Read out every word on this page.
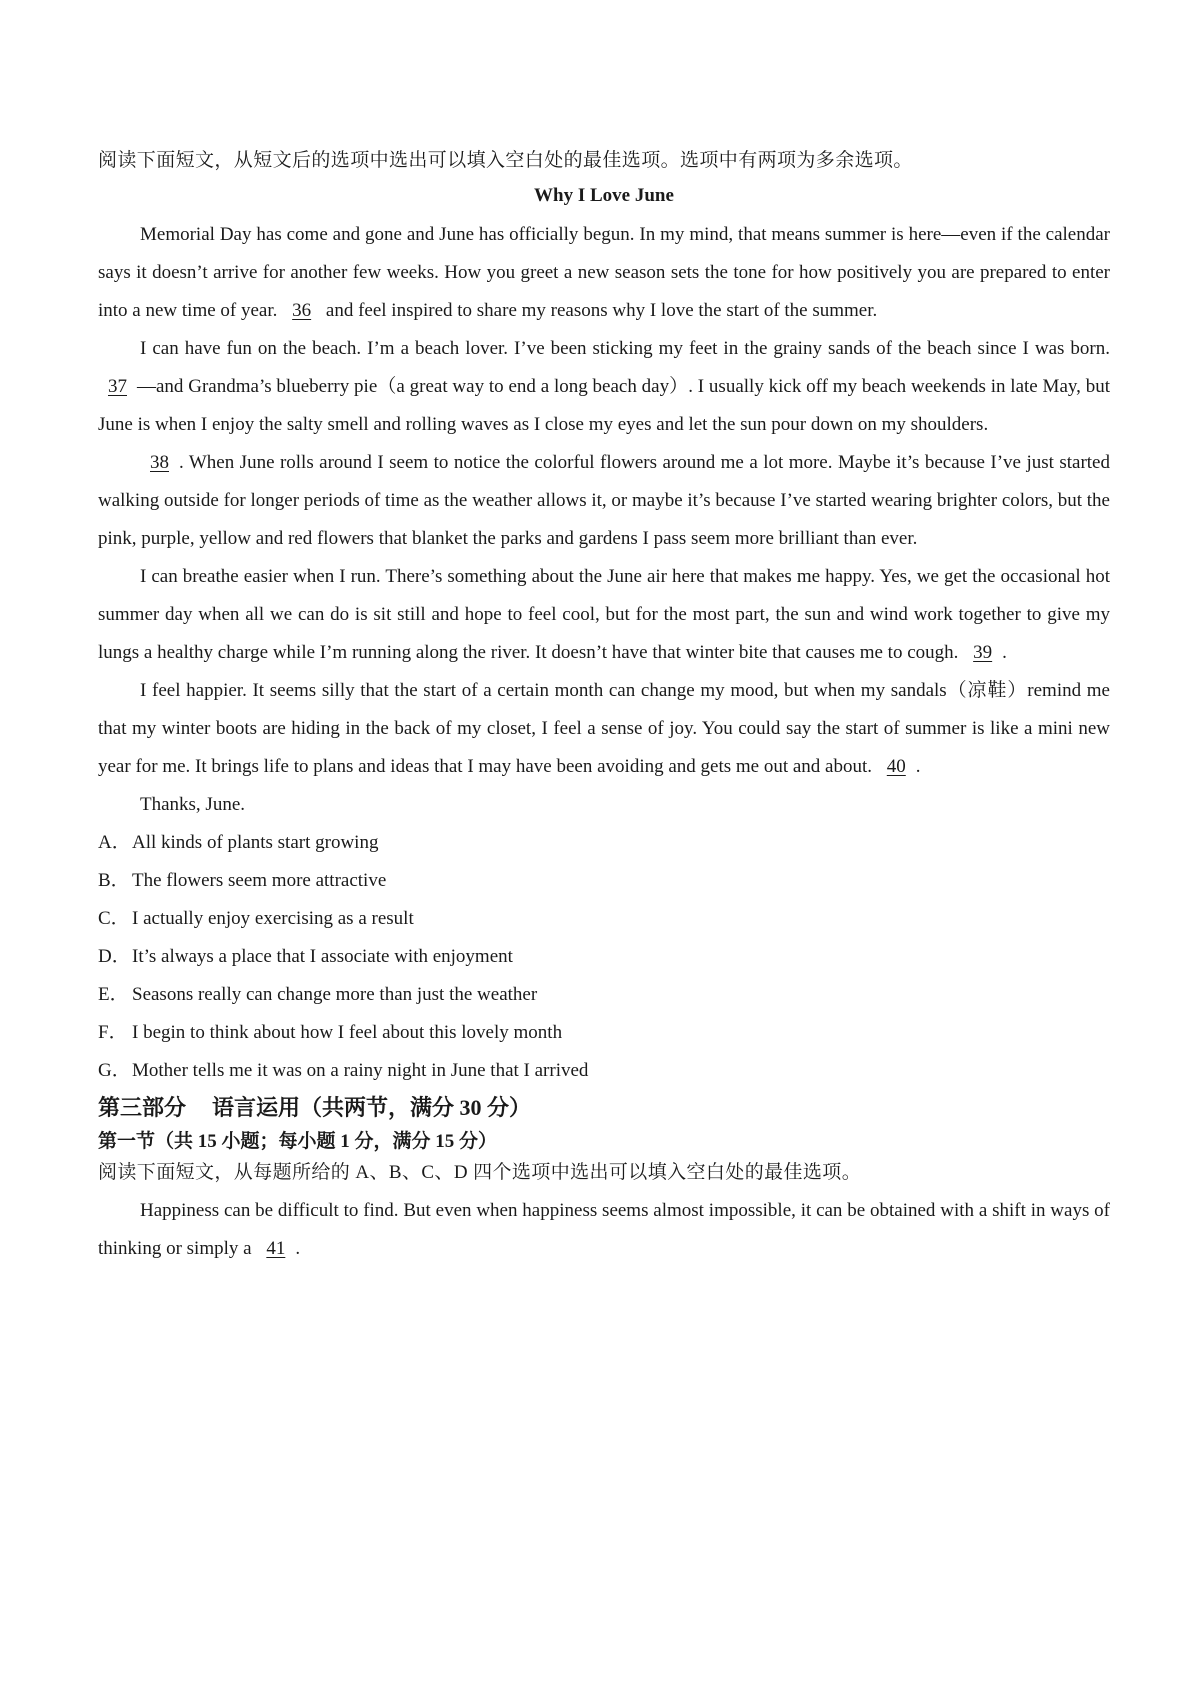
阅读下面短文，从短文后的选项中选出可以填入空白处的最佳选项。选项中有两项为多余选项。

Why I Love June

Memorial Day has come and gone and June has officially begun. In my mind, that means summer is here—even if the calendar says it doesn’t arrive for another few weeks. How you greet a new season sets the tone for how positively you are prepared to enter into a new time of year. 36 and feel inspired to share my reasons why I love the start of the summer.

I can have fun on the beach. I’m a beach lover. I’ve been sticking my feet in the grainy sands of the beach since I was born. 37 —and Grandma’s blueberry pie（a great way to end a long beach day）. I usually kick off my beach weekends in late May, but June is when I enjoy the salty smell and rolling waves as I close my eyes and let the sun pour down on my shoulders.

38 . When June rolls around I seem to notice the colorful flowers around me a lot more. Maybe it’s because I’ve just started walking outside for longer periods of time as the weather allows it, or maybe it’s because I’ve started wearing brighter colors, but the pink, purple, yellow and red flowers that blanket the parks and gardens I pass seem more brilliant than ever.

I can breathe easier when I run. There’s something about the June air here that makes me happy. Yes, we get the occasional hot summer day when all we can do is sit still and hope to feel cool, but for the most part, the sun and wind work together to give my lungs a healthy charge while I’m running along the river. It doesn’t have that winter bite that causes me to cough. 39 .

I feel happier. It seems silly that the start of a certain month can change my mood, but when my sandals（凉鞋）remind me that my winter boots are hiding in the back of my closet, I feel a sense of joy. You could say the start of summer is like a mini new year for me. It brings life to plans and ideas that I may have been avoiding and gets me out and about. 40 .

Thanks, June.

A．All kinds of plants start growing

B． The flowers seem more attractive

C． I actually enjoy exercising as a result

D．It’s always a place that I associate with enjoyment

E． Seasons really can change more than just the weather

F． I begin to think about how I feel about this lovely month

G．Mother tells me it was on a rainy night in June that I arrived

第三部分 语言运用（共两节，满分 30 分）

第一节（共 15 小题；每小题 1 分，满分 15 分）

阅读下面短文，从每题所给的 A、B、C、D 四个选项中选出可以填入空白处的最佳选项。

Happiness can be difficult to find. But even when happiness seems almost impossible, it can be obtained with a shift in ways of thinking or simply a 41 .
